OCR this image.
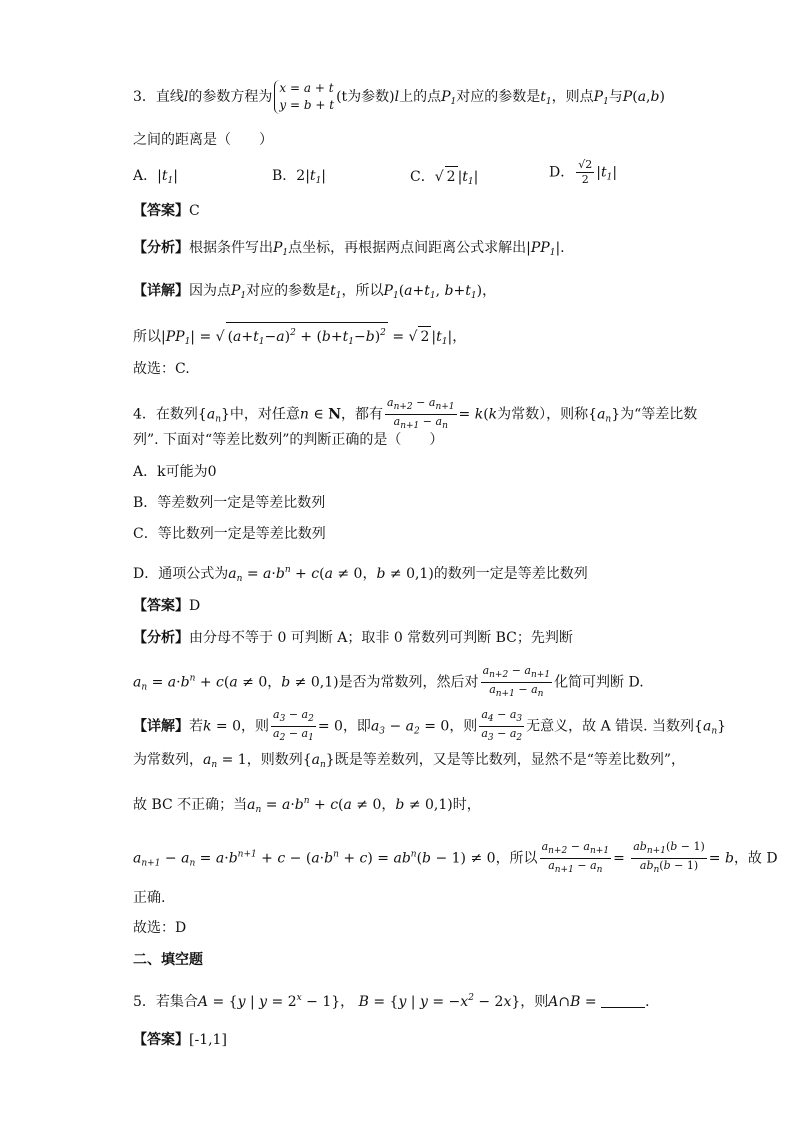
3．直线l的参数方程为x = a + t
y = b + t (t为参数)l上的点$P_1$对应的参数是$t_1$，则点$P_1$与P(a,b)
之间的距离是（　　）
A．$|t_1|$	B．$2|t_1|$	C．√ 2 $|t_1|$	D． $\frac{√2}{2} |t_1|$
【答案】C
【分析】根据条件写出$P_1$点坐标，再根据两点间距离公式求解出$|PP_1|$.
【详解】因为点$P_1$对应的参数是$t_1$，所以$P_1(a+t_1$, $b+t_1$)，
所以$|PP_1|$ = √ $(a+t_1-a)^2 + (b+t_1-b)^2$ = √ 2 $|t_1|$，
故选：C.
4．在数列$\{a_n\}$中，对任意n ∈ N，都有 $\frac{a_{n+2} - a_{n+1}}{a_{n+1} - a_n} = k(k$为常数），则称$\{a_n\}$为“等差比数
列”. 下面对“等差比数列”的判断正确的是（　　）
A．k可能为0
B．等差数列一定是等差比数列
C．等比数列一定是等差比数列
D．通项公式为$a_n = a\cdot b^n + c(a \ne 0$，b ≠ 0,1)的数列一定是等差比数列
【答案】D
【分析】由分母不等于 0 可判断 A；取非 0 常数列可判断 BC；先判断
$a_n = a\cdot b^n + c(a \ne 0$，b ≠ 0,1)是否为常数列，然后对 $\frac{a_{n+2} - a_{n+1}}{a_{n+1} - a_n}$ 化简可判断 D.
【详解】若k = 0，则 $\frac{a_3 - a_2}{a_2 - a_1} = 0$，即$a_3 - a_2 = 0$，则 $\frac{a_4 - a_3}{a_3 - a_2}$ 无意义，故 A 错误. 当数列$\{a_n\}$
为常数列，$a_n = 1$，则数列$\{a_n\}$既是等差数列，又是等比数列，显然不是“等差比数列”，
故 BC 不正确；当$a_n = a\cdot b^n + c(a \ne 0$，b ≠ 0,1)时，
$a_{n+1} - a_n = a\cdot b^{n+1} + c - (a\cdot b^n + c) = ab^n(b - 1) \ne 0$，所以 $\frac{a_{n+2} - a_{n+1}}{a_{n+1} - a_n} = \frac{ab_{n+1}(b - 1)}{ab_n(b - 1)} = b$，故 D
正确.
故选：D
二、填空题
5．若集合A = {y | $y = 2^x - 1$}， B = {y | $y = -x^2 - 2x$}，则A∩B =	．
【答案】[-1,1]
